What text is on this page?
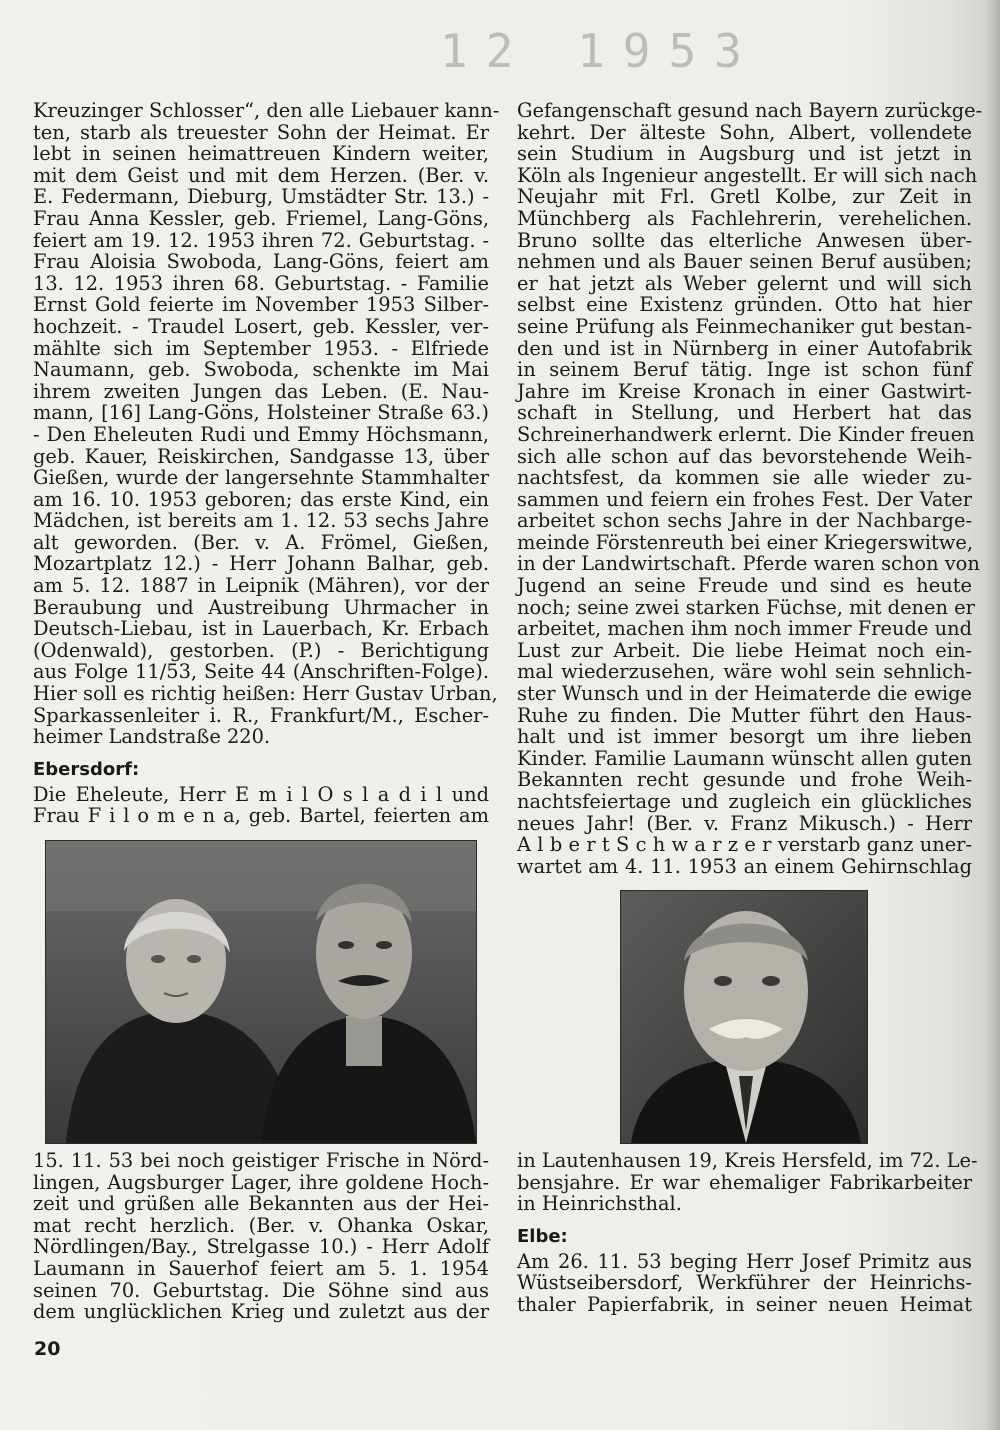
12 1953
Kreuzinger Schlosser“, den alle Liebauer kann-
ten, starb als treuester Sohn der Heimat. Er
lebt in seinen heimattreuen Kindern weiter,
mit dem Geist und mit dem Herzen. (Ber. v.
E. Federmann, Dieburg, Umstädter Str. 13.) -
Frau Anna Kessler, geb. Friemel, Lang-Göns,
feiert am 19. 12. 1953 ihren 72. Geburtstag. -
Frau Aloisia Swoboda, Lang-Göns, feiert am
13. 12. 1953 ihren 68. Geburtstag. - Familie
Ernst Gold feierte im November 1953 Silber-
hochzeit. - Traudel Losert, geb. Kessler, ver-
mählte sich im September 1953. - Elfriede
Naumann, geb. Swoboda, schenkte im Mai
ihrem zweiten Jungen das Leben. (E. Nau-
mann, [16] Lang-Göns, Holsteiner Straße 63.)
- Den Eheleuten Rudi und Emmy Höchsmann,
geb. Kauer, Reiskirchen, Sandgasse 13, über
Gießen, wurde der langersehnte Stammhalter
am 16. 10. 1953 geboren; das erste Kind, ein
Mädchen, ist bereits am 1. 12. 53 sechs Jahre
alt geworden. (Ber. v. A. Frömel, Gießen,
Mozartplatz 12.) - Herr Johann Balhar, geb.
am 5. 12. 1887 in Leipnik (Mähren), vor der
Beraubung und Austreibung Uhrmacher in
Deutsch-Liebau, ist in Lauerbach, Kr. Erbach
(Odenwald), gestorben. (P.) - Berichtigung
aus Folge 11/53, Seite 44 (Anschriften-Folge).
Hier soll es richtig heißen: Herr Gustav Urban,
Sparkassenleiter i. R., Frankfurt/M., Escher-
heimer Landstraße 220.
Ebersdorf:
Die Eheleute, Herr E m i l O s l a d i l und
Frau F i l o m e n a, geb. Bartel, feierten am
15. 11. 53 bei noch geistiger Frische in Nörd-
lingen, Augsburger Lager, ihre goldene Hoch-
zeit und grüßen alle Bekannten aus der Hei-
mat recht herzlich. (Ber. v. Ohanka Oskar,
Nördlingen/Bay., Strelgasse 10.) - Herr Adolf
Laumann in Sauerhof feiert am 5. 1. 1954
seinen 70. Geburtstag. Die Söhne sind aus
dem unglücklichen Krieg und zuletzt aus der
Gefangenschaft gesund nach Bayern zurückge-
kehrt. Der älteste Sohn, Albert, vollendete
sein Studium in Augsburg und ist jetzt in
Köln als Ingenieur angestellt. Er will sich nach
Neujahr mit Frl. Gretl Kolbe, zur Zeit in
Münchberg als Fachlehrerin, verehelichen.
Bruno sollte das elterliche Anwesen über-
nehmen und als Bauer seinen Beruf ausüben;
er hat jetzt als Weber gelernt und will sich
selbst eine Existenz gründen. Otto hat hier
seine Prüfung als Feinmechaniker gut bestan-
den und ist in Nürnberg in einer Autofabrik
in seinem Beruf tätig. Inge ist schon fünf
Jahre im Kreise Kronach in einer Gastwirt-
schaft in Stellung, und Herbert hat das
Schreinerhandwerk erlernt. Die Kinder freuen
sich alle schon auf das bevorstehende Weih-
nachtsfest, da kommen sie alle wieder zu-
sammen und feiern ein frohes Fest. Der Vater
arbeitet schon sechs Jahre in der Nachbarge-
meinde Förstenreuth bei einer Kriegerswitwe,
in der Landwirtschaft. Pferde waren schon von
Jugend an seine Freude und sind es heute
noch; seine zwei starken Füchse, mit denen er
arbeitet, machen ihm noch immer Freude und
Lust zur Arbeit. Die liebe Heimat noch ein-
mal wiederzusehen, wäre wohl sein sehnlich-
ster Wunsch und in der Heimaterde die ewige
Ruhe zu finden. Die Mutter führt den Haus-
halt und ist immer besorgt um ihre lieben
Kinder. Familie Laumann wünscht allen guten
Bekannten recht gesunde und frohe Weih-
nachtsfeiertage und zugleich ein glückliches
neues Jahr! (Ber. v. Franz Mikusch.) - Herr
A l b e r t S c h w a r z e r verstarb ganz uner-
wartet am 4. 11. 1953 an einem Gehirnschlag
in Lautenhausen 19, Kreis Hersfeld, im 72. Le-
bensjahre. Er war ehemaliger Fabrikarbeiter
in Heinrichsthal.
Elbe:
Am 26. 11. 53 beging Herr Josef Primitz aus
Wüstseibersdorf, Werkführer der Heinrichs-
thaler Papierfabrik, in seiner neuen Heimat
20
